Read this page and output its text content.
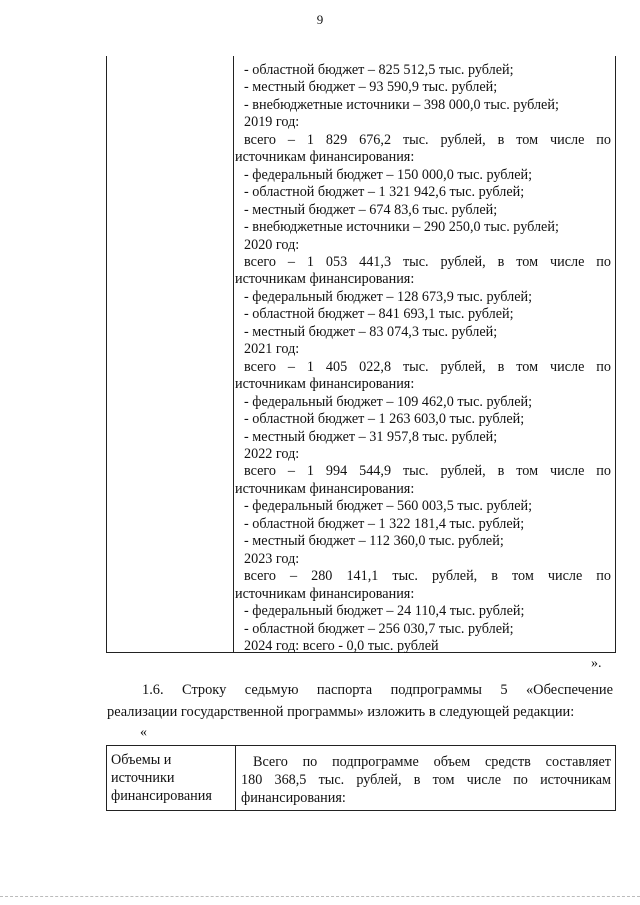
9
- областной бюджет – 825 512,5 тыс. рублей;
- местный бюджет – 93 590,9 тыс. рублей;
- внебюджетные источники – 398 000,0 тыс. рублей;
2019 год:
всего – 1 829 676,2 тыс. рублей, в том числе по
источникам финансирования:
- федеральный бюджет – 150 000,0 тыс. рублей;
- областной бюджет – 1 321 942,6 тыс. рублей;
- местный бюджет – 674 83,6 тыс. рублей;
- внебюджетные источники – 290 250,0 тыс. рублей;
2020 год:
всего – 1 053 441,3 тыс. рублей, в том числе по
источникам финансирования:
- федеральный бюджет – 128 673,9 тыс. рублей;
- областной бюджет – 841 693,1 тыс. рублей;
- местный бюджет – 83 074,3 тыс. рублей;
2021 год:
всего – 1 405 022,8 тыс. рублей, в том числе по
источникам финансирования:
- федеральный бюджет – 109 462,0 тыс. рублей;
- областной бюджет – 1 263 603,0 тыс. рублей;
- местный бюджет – 31 957,8 тыс. рублей;
2022 год:
всего – 1 994 544,9 тыс. рублей, в том числе по
источникам финансирования:
- федеральный бюджет – 560 003,5 тыс. рублей;
- областной бюджет – 1 322 181,4 тыс. рублей;
- местный бюджет – 112 360,0 тыс. рублей;
2023 год:
всего – 280 141,1 тыс. рублей, в том числе по
источникам финансирования:
- федеральный бюджет – 24 110,4 тыс. рублей;
- областной бюджет – 256 030,7 тыс. рублей;
2024 год: всего - 0,0 тыс. рублей
».
1.6. Строку седьмую паспорта подпрограммы 5 «Обеспечение
реализации государственной программы» изложить в следующей редакции:
«
Объемы и
источники
финансирования
Всего по подпрограмме объем средств составляет
180 368,5 тыс. рублей, в том числе по источникам
финансирования:
